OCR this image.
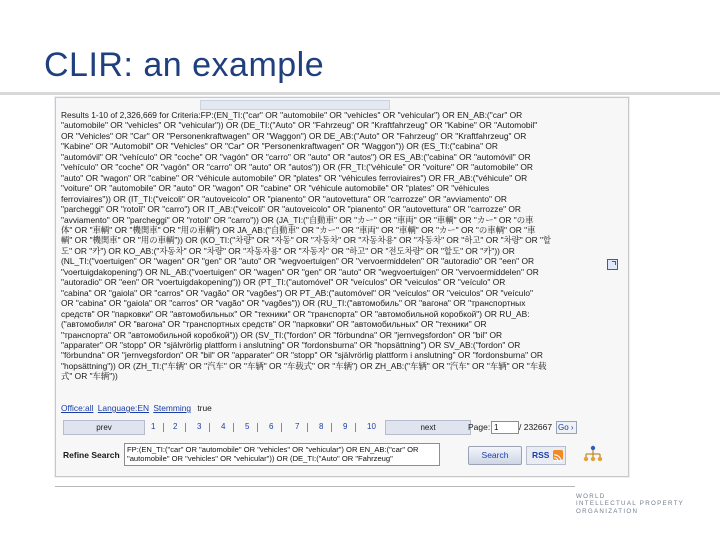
CLIR: an example
Results 1-10 of 2,326,669 for Criteria:FP:(EN_TI:("car" OR "automobile" OR "vehicles" OR "vehicular") OR EN_AB:("car" OR
"automobile" OR "vehicles" OR "vehicular")) OR (DE_TI:("Auto" OR "Fahrzeug" OR "Kraftfahrzeug" OR "Kabine" OR "Automobil"
OR "Vehicles" OR "Car" OR "Personenkraftwagen" OR "Waggon") OR DE_AB:("Auto" OR "Fahrzeug" OR "Kraftfahrzeug" OR
"Kabine" OR "Automobil" OR "Vehicles" OR "Car" OR "Personenkraftwagen" OR "Waggon")) OR (ES_TI:("cabina" OR
"automóvil" OR "vehículo" OR "coche" OR "vagón" OR "carro" OR "auto" OR "autos") OR ES_AB:("cabina" OR "automóvil" OR
"vehículo" OR "coche" OR "vagón" OR "carro" OR "auto" OR "autos")) OR (FR_TI:("véhicule" OR "voiture" OR "automobile" OR
"auto" OR "wagon" OR "cabine" OR "véhicule automobile" OR "plates" OR "véhicules ferroviaires") OR FR_AB:("véhicule" OR
"voiture" OR "automobile" OR "auto" OR "wagon" OR "cabine" OR "véhicule automobile" OR "plates" OR "véhicules
ferroviaires")) OR (IT_TI:("veicoli" OR "autoveicolo" OR "pianento" OR "autovettura" OR "carrozze" OR "avviamento" OR
"parcheggi" OR "rotoli" OR "carro") OR IT_AB:("veicoli" OR "autoveicolo" OR "pianento" OR "autovettura" OR "carrozze" OR
"avviamento" OR "parcheggi" OR "rotoli" OR "carro")) OR (JA_TI:("自動車" OR "カー" OR "車両" OR "車輌" OR "カー" OR "の車
体" OR "車輌" OR "機関車" OR "用の車輌") OR JA_AB:("自動車" OR "カー" OR "車両" OR "車輌" OR "カー" OR "の車輌" OR "車
輌" OR "機関車" OR "用の車輌")) OR (KO_TI:("차량" OR "자동" OR "자동차" OR "자동차용" OR "자동차" OR "하고" OR "차량" OR "할
도" OR "카") OR KO_AB:("자동차" OR "차량" OR "자동자용" OR "자동자" OR "하고" OR "전도차량" OR "할도" OR "카")) OR
(NL_TI:("voertuigen" OR "wagen" OR "gen" OR "auto" OR "wegvoertuigen" OR "vervoermiddelen" OR "autoradio" OR "een" OR
"voertuigdakopening") OR NL_AB:("voertuigen" OR "wagen" OR "gen" OR "auto" OR "wegvoertuigen" OR "vervoermiddelen" OR
"autoradio" OR "een" OR "voertuigdakopening")) OR (PT_TI:("automóvel" OR "veículos" OR "veiculos" OR "veículo" OR
"cabina" OR "gaiola" OR "carros" OR "vagão" OR "vagões") OR PT_AB:("automóvel" OR "veículos" OR "veiculos" OR "veículo"
OR "cabina" OR "gaiola" OR "carros" OR "vagão" OR "vagões")) OR (RU_TI:("автомобиль" OR "вагона" OR "транспортных
средств" OR "парковки" OR "автомобильных" OR "техники" OR "транспорта" OR "автомобильной коробкой") OR RU_AB:
("автомобиля" OR "вагона" OR "транспортных средств" OR "парковки" OR "автомобильных" OR "техники" OR
"транспорта" OR "автомобильной коробкой")) OR (SV_TI:("fordon" OR "förbundna" OR "jernvegsfordon" OR "bil" OR
"apparater" OR "stopp" OR "självrörlig plattform i anslutning" OR "fordonsburna" OR "hopsättning") OR SV_AB:("fordon" OR
"förbundna" OR "jernvegsfordon" OR "bil" OR "apparater" OR "stopp" OR "självrörlig plattform i anslutning" OR "fordonsburna" OR
"hopsättning")) OR (ZH_TI:("车辆" OR "汽车" OR "车辆" OR "车载式" OR "车辆") OR ZH_AB:("车辆" OR "汽车" OR "车辆" OR "车载
式" OR "车辆"))
Office:all Language:EN Stemming true
prev	1 2 3 4 5 6	7 8 9 10	next	Page: 1	/ 232667 Go ›
Refine Search
FP:(EN_TI:("car" OR "automobile" OR "vehicles" OR "vehicular") OR EN_AB:("car" OR
"automobile" OR "vehicles" OR "vehicular")) OR (DE_TI:("Auto" OR "Fahrzeug"	Search	RSS
WORLD
INTELLECTUAL PROPERTY
ORGANIZATION
